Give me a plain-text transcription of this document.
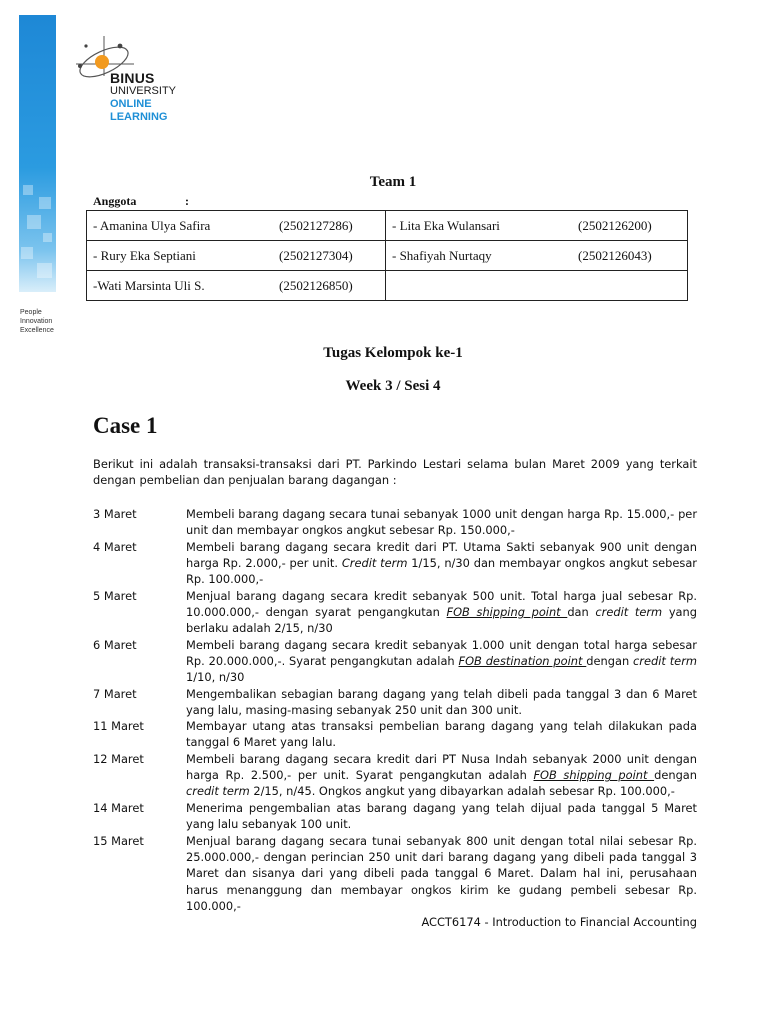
People
Innovation
Excellence
BINUS
UNIVERSITY
ONLINE
LEARNING
Team 1
Anggota	:
- Amanina Ulya Safira (2502127286)	- Lita Eka Wulansari (2502126200)

- Rury Eka Septiani (2502127304)	- Shafiyah Nurtaqy (2502126043)

-Wati Marsinta Uli S. (2502126850)	

Tugas Kelompok ke-1
Week 3 / Sesi 4
Case 1
Berikut ini adalah transaksi-transaksi dari PT. Parkindo Lestari selama bulan Maret 2009 yang terkait dengan pembelian dan penjualan barang dagangan :
3 Maret	Membeli barang dagang secara tunai sebanyak 1000 unit dengan harga Rp. 15.000,- per unit dan membayar ongkos angkut sebesar Rp. 150.000,-
4 Maret	Membeli barang dagang secara kredit dari PT. Utama Sakti sebanyak 900 unit dengan harga Rp. 2.000,- per unit. Credit term 1/15, n/30 dan membayar ongkos angkut sebesar Rp. 100.000,-
5 Maret	Menjual barang dagang secara kredit sebanyak 500 unit. Total harga jual sebesar Rp. 10.000.000,- dengan syarat pengangkutan FOB shipping point dan credit term yang berlaku adalah 2/15, n/30
6 Maret	Membeli barang dagang secara kredit sebanyak 1.000 unit dengan total harga sebesar Rp. 20.000.000,-. Syarat pengangkutan adalah FOB destination point dengan credit term 1/10, n/30
7 Maret	Mengembalikan sebagian barang dagang yang telah dibeli pada tanggal 3 dan 6 Maret yang lalu, masing-masing sebanyak 250 unit dan 300 unit.
11 Maret	Membayar utang atas transaksi pembelian barang dagang yang telah dilakukan pada tanggal 6 Maret yang lalu.
12 Maret	Membeli barang dagang secara kredit dari PT Nusa Indah sebanyak 2000 unit dengan harga Rp. 2.500,- per unit. Syarat pengangkutan adalah FOB shipping point dengan credit term 2/15, n/45. Ongkos angkut yang dibayarkan adalah sebesar Rp. 100.000,-
14 Maret	Menerima pengembalian atas barang dagang yang telah dijual pada tanggal 5 Maret yang lalu sebanyak 100 unit.
15 Maret	Menjual barang dagang secara tunai sebanyak 800 unit dengan total nilai sebesar Rp. 25.000.000,- dengan perincian 250 unit dari barang dagang yang dibeli pada tanggal 3 Maret dan sisanya dari yang dibeli pada tanggal 6 Maret. Dalam hal ini, perusahaan harus menanggung dan membayar ongkos kirim ke gudang pembeli sebesar Rp. 100.000,-
ACCT6174 - Introduction to Financial Accounting
